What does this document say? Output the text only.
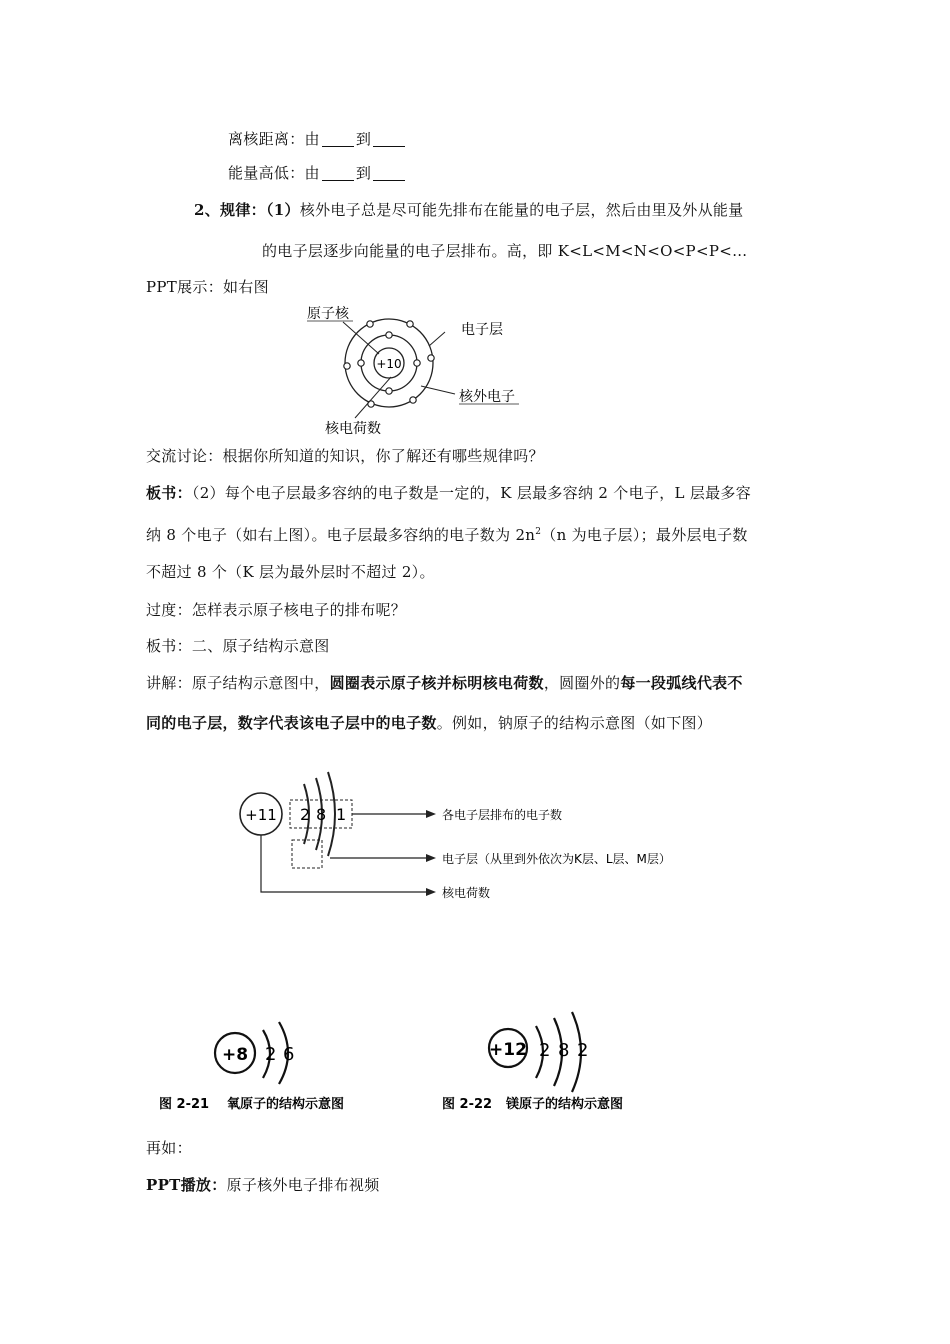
离核距离：由 到
能量高低：由 到
2、规律：（1）核外电子总是尽可能先排布在能量的电子层，然后由里及外从能量
的电子层逐步向能量的电子层排布。高，即 K<L<M<N<O<P<P<…
PPT展示：如右图
+10
原子核
电子层
核外电子
核电荷数
交流讨论：根据你所知道的知识，你了解还有哪些规律吗？
板书：（2）每个电子层最多容纳的电子数是一定的，K 层最多容纳 2 个电子，L 层最多容
纳 8 个电子（如右上图）。电子层最多容纳的电子数为 $2n^2(n$ 为电子层）；最外层电子数
不超过 8 个（K 层为最外层时不超过 2）。
过度：怎样表示原子核电子的排布呢？
板书：二、原子结构示意图
讲解：原子结构示意图中，圆圈表示原子核并标明核电荷数，圆圈外的每一段弧线代表不
同的电子层，数字代表该电子层中的电子数。例如，钠原子的结构示意图（如下图）
+11 2 8 1	各电子层排布的电子数
电子层（从里到外依次为K层、L层、M层）
核电荷数
+8 2 6
图 2-21 氧原子的结构示意图
+12 2 8 2
图 2-22 镁原子的结构示意图
再如：
PPT播放：原子核外电子排布视频
